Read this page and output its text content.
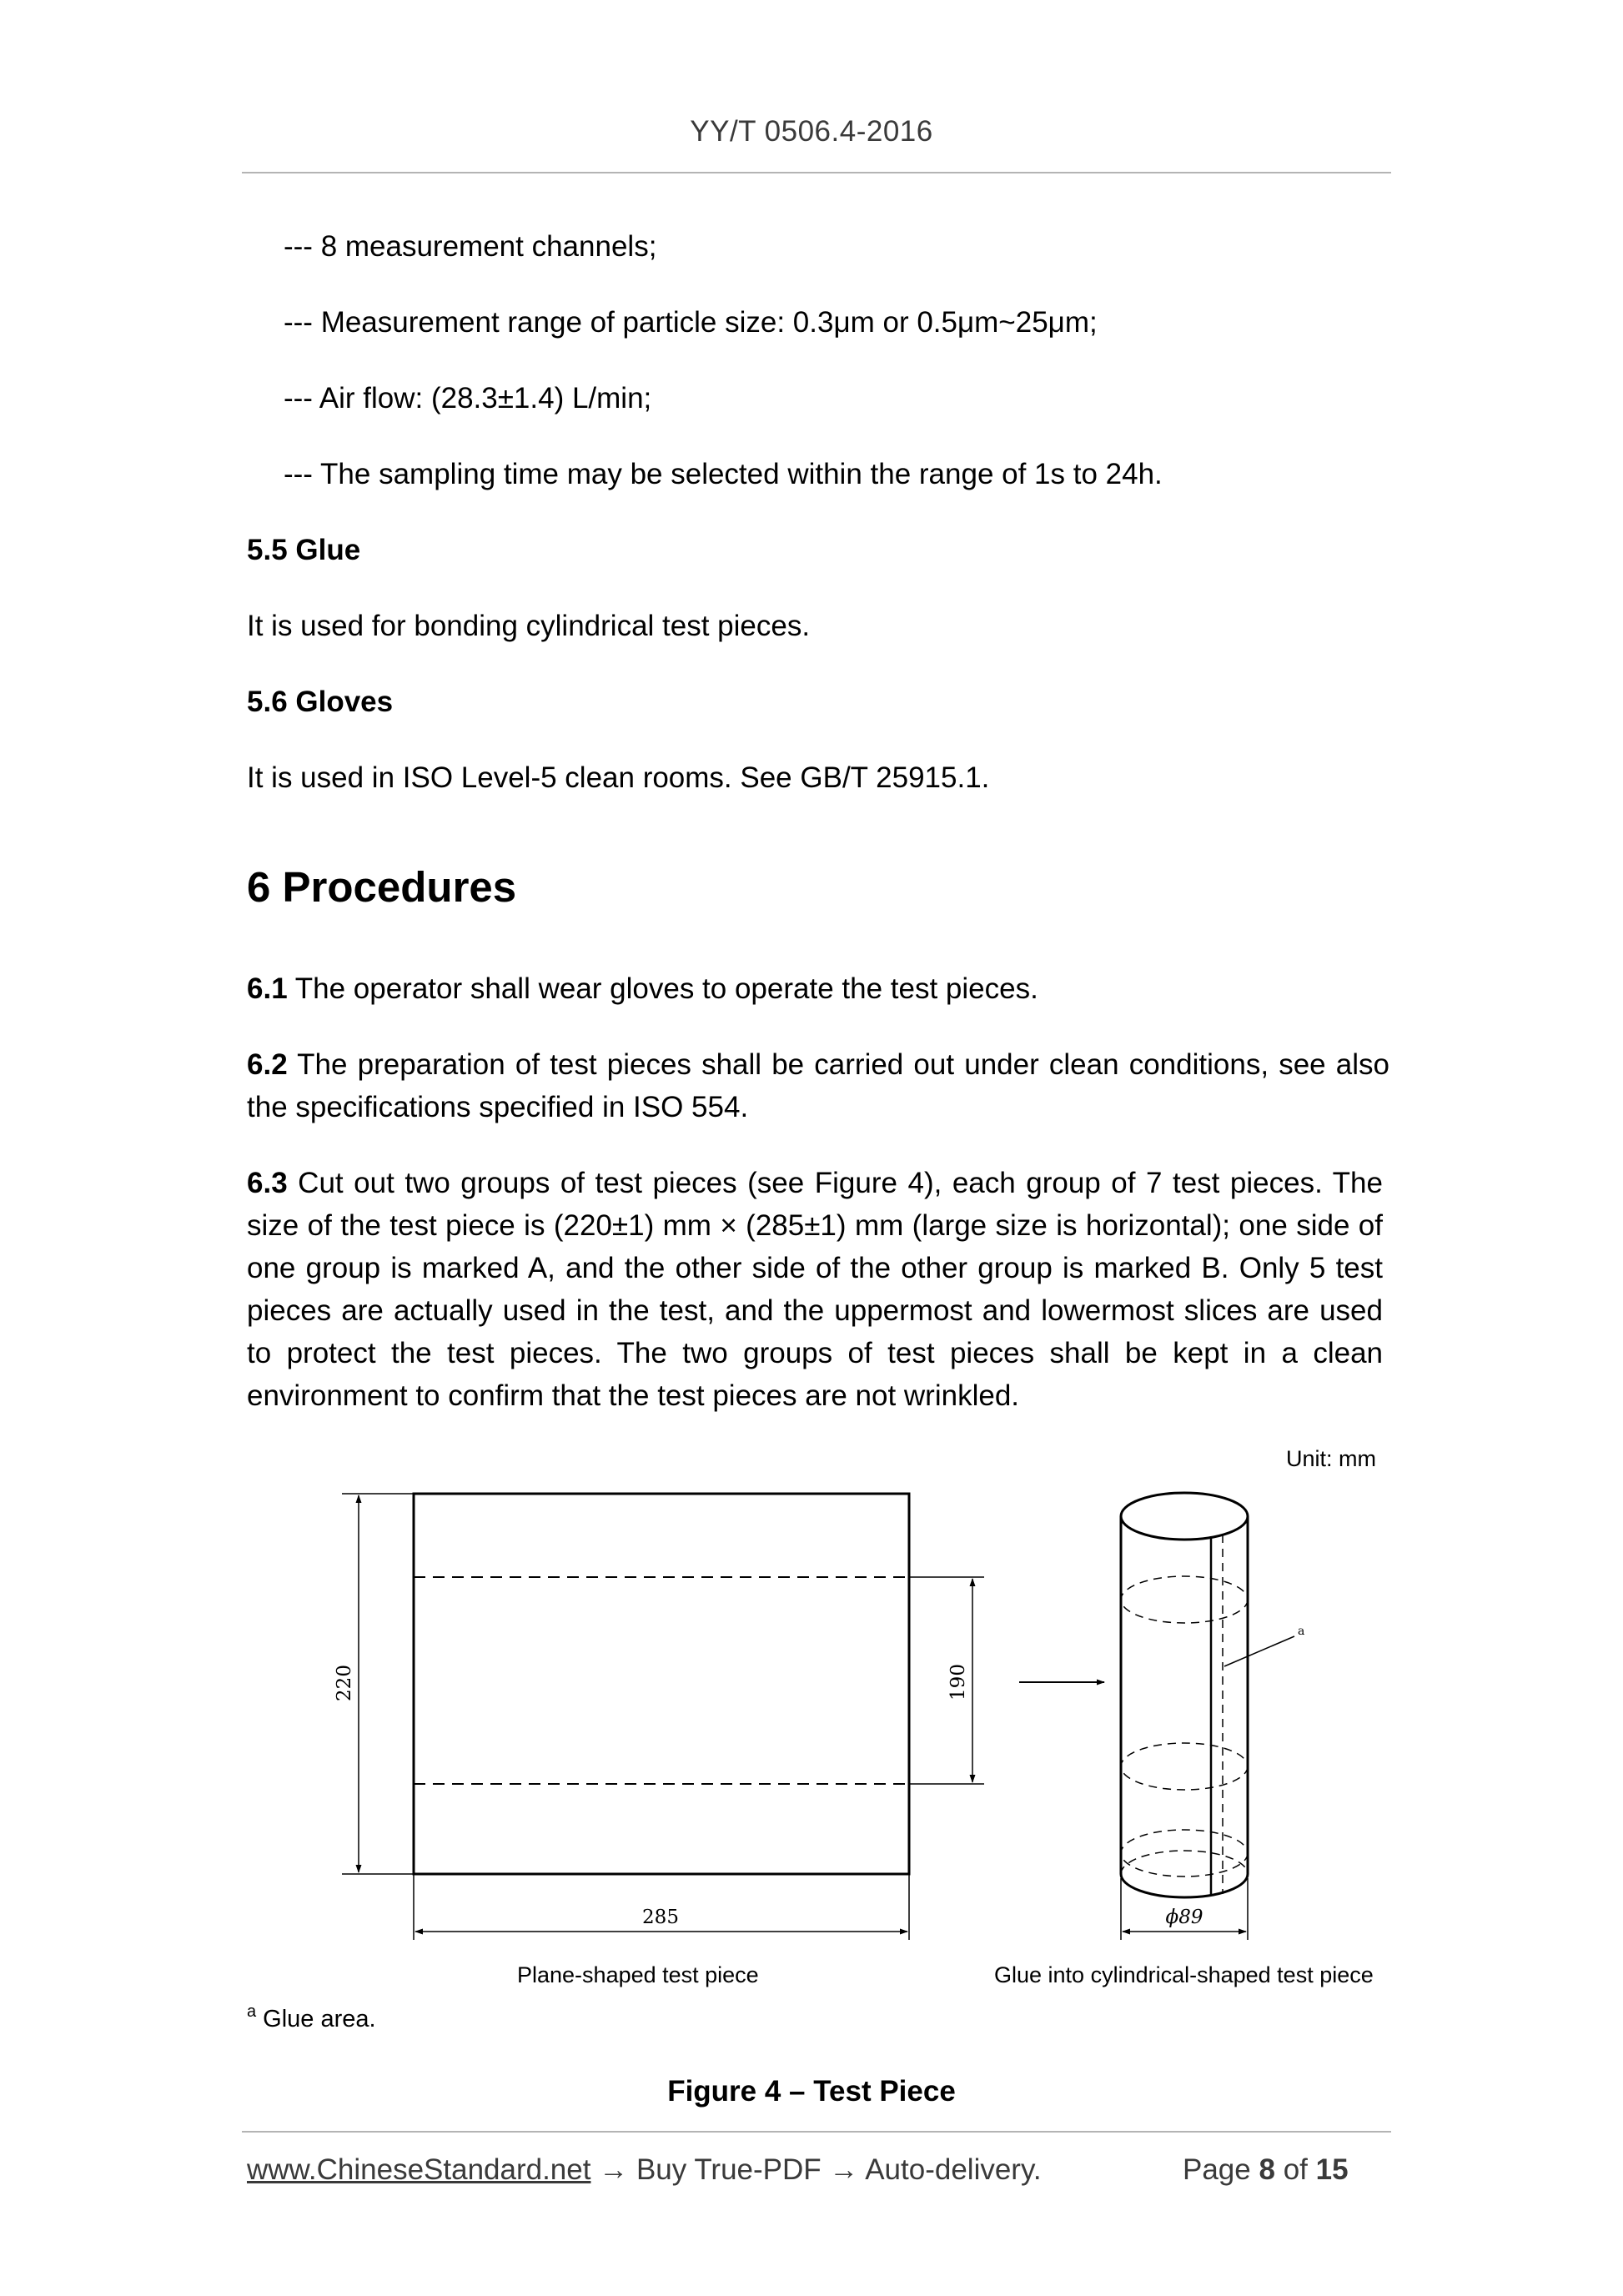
YY/T 0506.4-2016
--- 8 measurement channels;
--- Measurement range of particle size: 0.3μm or 0.5μm~25μm;
--- Air flow: (28.3±1.4) L/min;
--- The sampling time may be selected within the range of 1s to 24h.
5.5 Glue
It is used for bonding cylindrical test pieces.
5.6 Gloves
It is used in ISO Level-5 clean rooms. See GB/T 25915.1.
6 Procedures
6.1 The operator shall wear gloves to operate the test pieces.
6.2 The preparation of test pieces shall be carried out under clean conditions, see also the specifications specified in ISO 554.
6.3 Cut out two groups of test pieces (see Figure 4), each group of 7 test pieces. The size of the test piece is (220±1) mm × (285±1) mm (large size is horizontal); one side of one group is marked A, and the other side of the other group is marked B. Only 5 test pieces are actually used in the test, and the uppermost and lowermost slices are used to protect the test pieces. The two groups of test pieces shall be kept in a clean environment to confirm that the test pieces are not wrinkled.
Unit: mm
220	190
285
a
ϕ89
Plane-shaped test piece	Glue into cylindrical-shaped test piece
$^a$ Glue area.
Figure 4 – Test Piece
www.ChineseStandard.net → Buy True-PDF → Auto-delivery.	Page 8 of 15
